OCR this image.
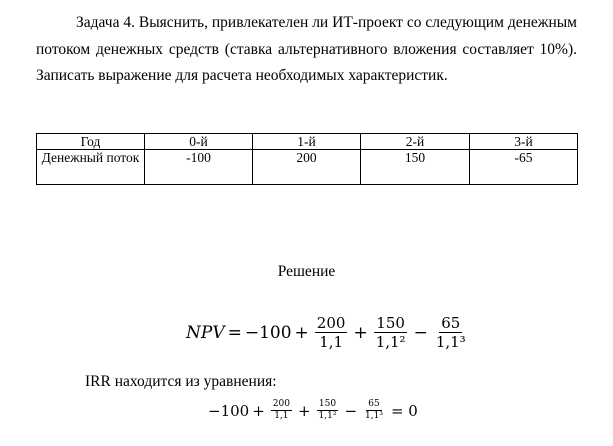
Задача 4. Выяснить, привлекателен ли ИТ-проект со следующим денежным потоком денежных средств (ставка альтернативного вложения составляет 10%). Записать выражение для расчета необходимых характеристик.

Год	0-й	1-й	2-й	3-й
Денежный поток	-100	200	150	-65
Решение
NPV = $-100 + \frac{200}{1,1} + \frac{150}{\text{1,1²}} - \frac{65}{\text{1,1³}}$
IRR находится из уравнения:
$-100 + \frac{200}{1,1} + \frac{150}{\text{1,1²}} - \frac{65}{\text{1,1³}} = 0$
